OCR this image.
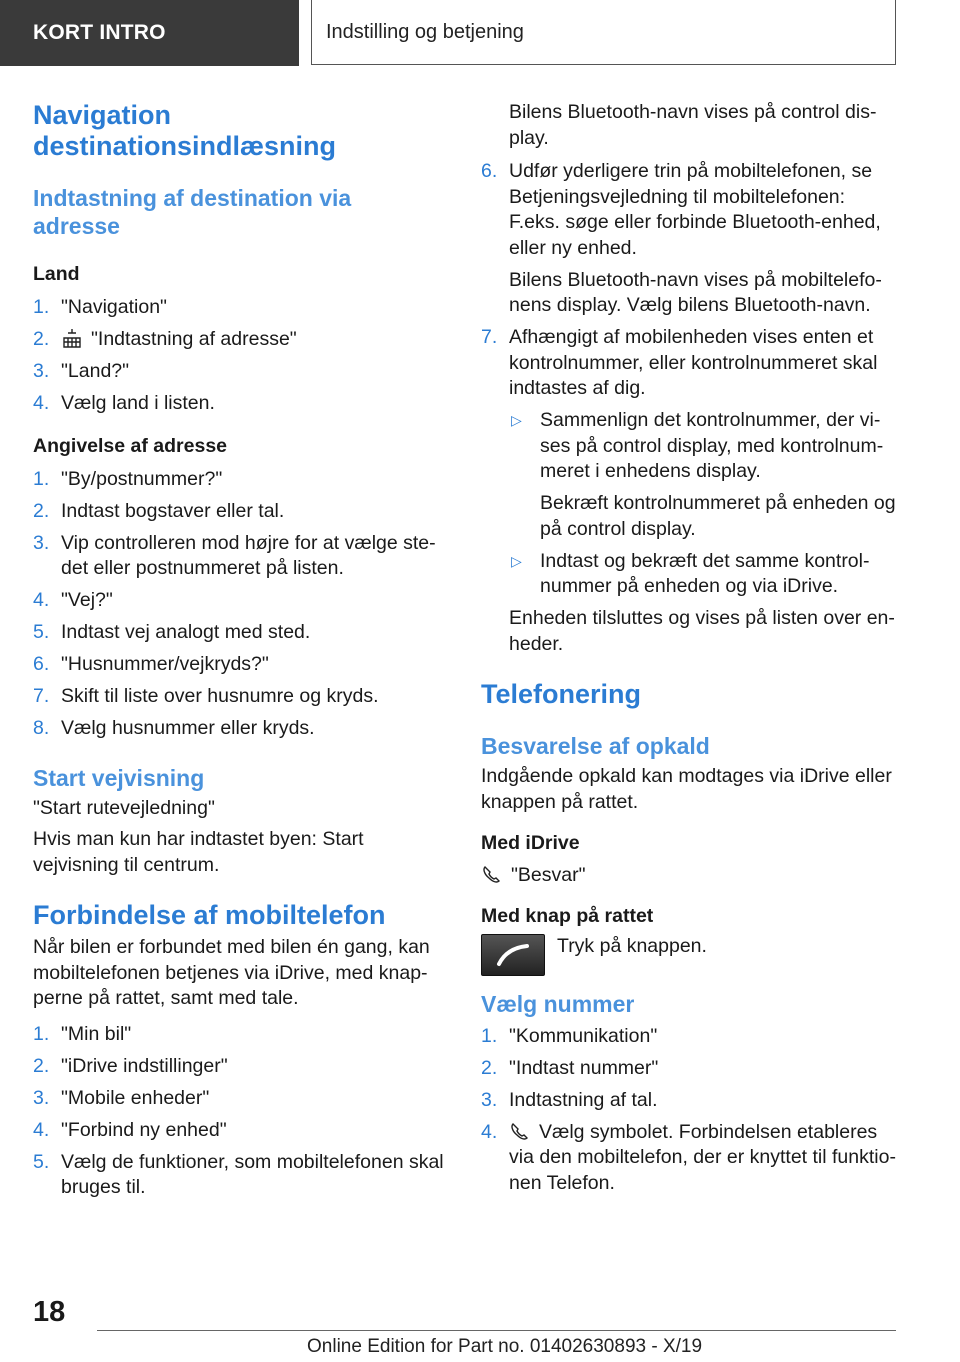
KORT INTRO	Indstilling og betjening
Navigation destinationsindlæsning
Indtastning af destination via adresse

Land

1. "Navigation"
2.	"Indtastning af adresse"
3. "Land?"
4. Vælg land i listen.

Angivelse af adresse

1. "By/postnummer?"
2. Indtast bogstaver eller tal.
3. Vip controlleren mod højre for at vælge ste-det eller postnummeret på listen.
4. "Vej?"
5. Indtast vej analogt med sted.
6. "Husnummer/vejkryds?"
7. Skift til liste over husnumre og kryds.
8. Vælg husnummer eller kryds.
Start vejvisning

"Start rutevejledning"

Hvis man kun har indtastet byen: Start vejvisning til centrum.

Forbindelse af mobiltelefon

Når bilen er forbundet med bilen én gang, kan mobiltelefonen betjenes via iDrive, med knap-perne på rattet, samt med tale.

1. "Min bil"
2. "iDrive indstillinger"
3. "Mobile enheder"
4. "Forbind ny enhed"
5. Vælg de funktioner, som mobiltelefonen skal bruges til.

Bilens Bluetooth-navn vises på control dis-play.

6. Udfør yderligere trin på mobiltelefonen, se Betjeningsvejledning til mobiltelefonen: F.eks. søge eller forbinde Bluetooth-enhed, eller ny enhed.

Bilens Bluetooth-navn vises på mobiltelefo-nens display. Vælg bilens Bluetooth-navn.

7. Afhængigt af mobilenheden vises enten et kontrolnummer, eller kontrolnummeret skal indtastes af dig.
▷ Sammenlign det kontrolnummer, der vi-ses på control display, med kontrolnum-meret i enhedens display.

Bekræft kontrolnummeret på enheden og på control display.

▷ Indtast og bekræft det samme kontrol-nummer på enheden og via iDrive.

Enheden tilsluttes og vises på listen over en-heder.

Telefonering
Besvarelse af opkald

Indgående opkald kan modtages via iDrive eller knappen på rattet.

Med iDrive

"Besvar"

Med knap på rattet

Tryk på knappen.
Vælg nummer
1. "Kommunikation"
2. "Indtast nummer"
3. Indtastning af tal.
4.	Vælg symbolet. Forbindelsen etableres via den mobiltelefon, der er knyttet til funktio-nen Telefon.
18
Online Edition for Part no. 01402630893 - X/19
